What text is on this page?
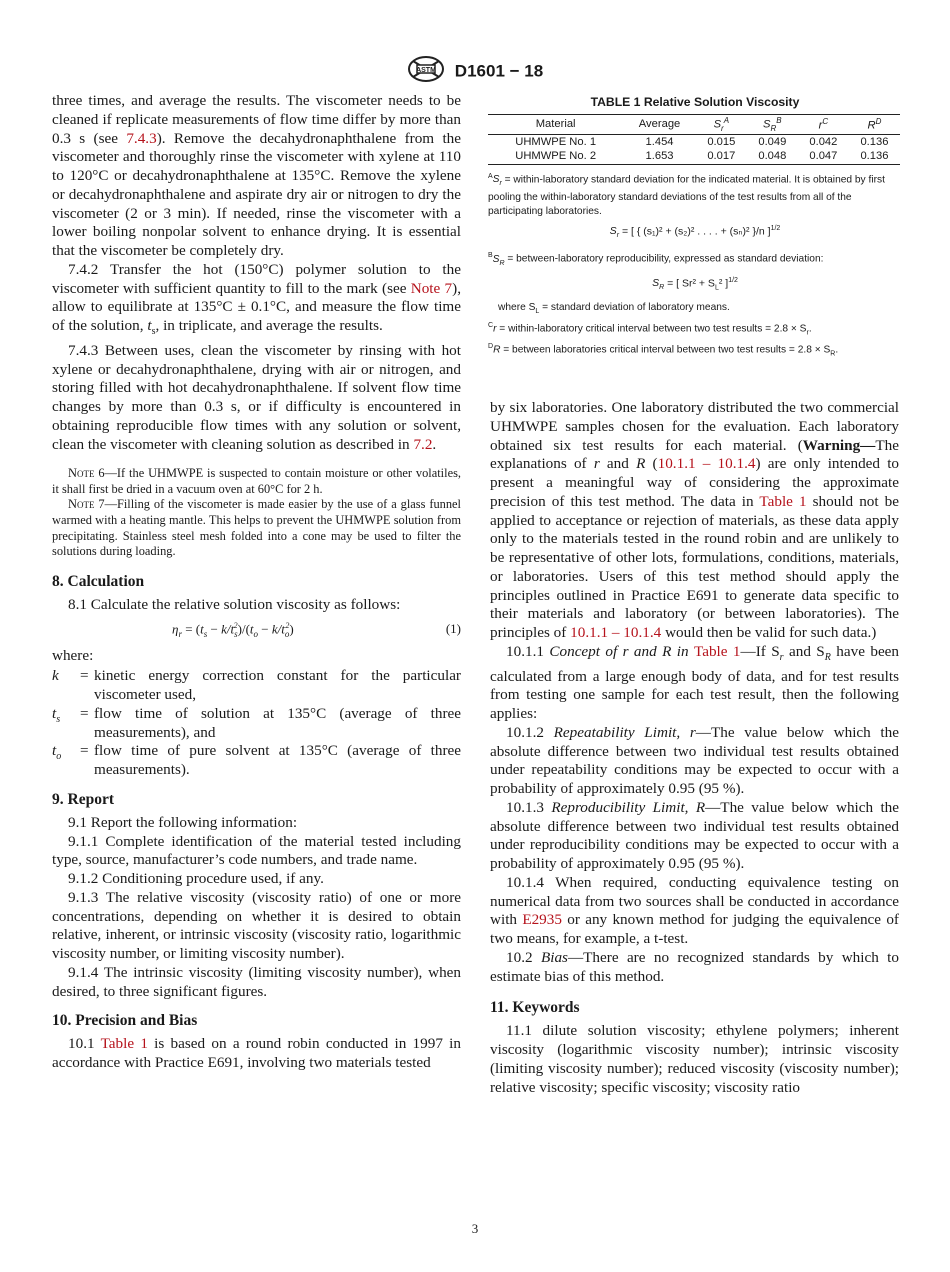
ASTM D1601 − 18

three times, and average the results. The viscometer needs to be cleaned if replicate measurements of flow time differ by more than 0.3 s (see 7.4.3). Remove the decahydronaphthalene from the viscometer and thoroughly rinse the viscometer with xylene at 110 to 120°C or decahydronaphthalene at 135°C. Remove the xylene or decahydronaphthalene and aspirate dry air or nitrogen to dry the viscometer (2 or 3 min). If needed, rinse the viscometer with a lower boiling nonpolar solvent to enhance drying. It is essential that the viscometer be completely dry.

7.4.2 Transfer the hot (150°C) polymer solution to the viscometer with sufficient quantity to fill to the mark (see Note 7), allow to equilibrate at 135°C ± 0.1°C, and measure the flow time of the solution, $t_s$, in triplicate, and average the results.

7.4.3 Between uses, clean the viscometer by rinsing with hot xylene or decahydronaphthalene, drying with air or nitrogen, and storing filled with hot decahydronaphthalene. If solvent flow time changes by more than 0.3 s, or if difficulty is encountered in obtaining reproducible flow times with any solution or solvent, clean the viscometer with cleaning solution as described in 7.2.

Note 6—If the UHMWPE is suspected to contain moisture or other volatiles, it shall first be dried in a vacuum oven at 60°C for 2 h.

Note 7—Filling of the viscometer is made easier by the use of a glass funnel warmed with a heating mantle. This helps to prevent the UHMWPE solution from precipitating. Stainless steel mesh folded into a cone may be used to filter the solutions during loading.

8. Calculation

8.1 Calculate the relative solution viscosity as follows:

$\eta_r = (t_s - k/t_s^2)/(t_o - k/t_o^2)$	(1)

where:

k	= kinetic energy correction constant for the particular viscometer used,
$t_s$	= flow time of solution at 135°C (average of three measurements), and
$t_o$	= flow time of pure solvent at 135°C (average of three measurements).
9. Report

9.1 Report the following information:

9.1.1 Complete identification of the material tested including type, source, manufacturer’s code numbers, and trade name.

9.1.2 Conditioning procedure used, if any.

9.1.3 The relative viscosity (viscosity ratio) of one or more concentrations, depending on whether it is desired to obtain relative, inherent, or intrinsic viscosity (viscosity ratio, logarithmic viscosity number, or limiting viscosity number).

9.1.4 The intrinsic viscosity (limiting viscosity number), when desired, to three significant figures.

10. Precision and Bias

10.1 Table 1 is based on a round robin conducted in 1997 in accordance with Practice E691, involving two materials tested

TABLE 1 Relative Solution Viscosity
Material	Average	$S_r^A$	$S_R^B$	$r^C$	$R^D$
UHMWPE No. 1	1.454	0.015	0.049	0.042	0.136
UHMWPE No. 2	1.653	0.017	0.048	0.047	0.136

$^AS_r$ = within-laboratory standard deviation for the indicated material. It is obtained by first pooling the within-laboratory standard deviations of the test results from all of the participating laboratories.

$S_r$ = [ { (s₁)² + (s₂)² . . . . + (sₙ)² }/n ]$^{1/2}$

$^BS_R$ = between-laboratory reproducibility, expressed as standard deviation:

$S_R$ = [ $Sr^2 + S_L^2$ ]$^{1/2}$

where $S_L$ = standard deviation of laboratory means.

$^C$r = within-laboratory critical interval between two test results = $2.8 \times S_r$.

$^D$R = between laboratories critical interval between two test results = $2.8 \times S_R$.

by six laboratories. One laboratory distributed the two commercial UHMWPE samples chosen for the evaluation. Each laboratory obtained six test results for each material. (Warning—The explanations of r and R (10.1.1 – 10.1.4) are only intended to present a meaningful way of considering the approximate precision of this test method. The data in Table 1 should not be applied to acceptance or rejection of materials, as these data apply only to the materials tested in the round robin and are unlikely to be representative of other lots, formulations, conditions, materials, or laboratories. Users of this test method should apply the principles outlined in Practice E691 to generate data specific to their materials and laboratory (or between laboratories). The principles of 10.1.1 – 10.1.4 would then be valid for such data.)

10.1.1 Concept of r and R in Table 1—If $S_r$ and $S_R$ have been calculated from a large enough body of data, and for test results from testing one sample for each test result, then the following applies:

10.1.2 Repeatability Limit, r—The value below which the absolute difference between two individual test results obtained under repeatability conditions may be expected to occur with a probability of approximately 0.95 (95 %).

10.1.3 Reproducibility Limit, R—The value below which the absolute difference between two individual test results obtained under reproducibility conditions may be expected to occur with a probability of approximately 0.95 (95 %).

10.1.4 When required, conducting equivalence testing on numerical data from two sources shall be conducted in accordance with E2935 or any known method for judging the equivalence of two means, for example, a t-test.

10.2 Bias—There are no recognized standards by which to estimate bias of this method.

11. Keywords

11.1 dilute solution viscosity; ethylene polymers; inherent viscosity (logarithmic viscosity number); intrinsic viscosity (limiting viscosity number); reduced viscosity (viscosity number); relative viscosity; specific viscosity; viscosity ratio

3
